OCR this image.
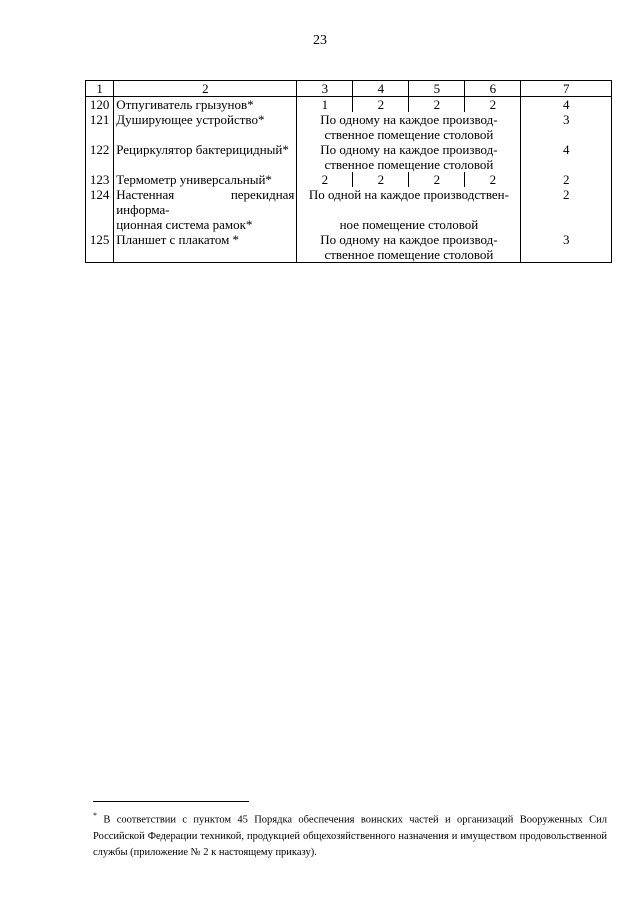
23
1	2	3	4	5	6	7
120	Отпугиватель грызунов*	1	2	2	2	4
121	Душирующее устройство*	По одному на каждое производ-				3
		ственное помещение столовой				
122	Рециркулятор бактерицидный*	По одному на каждое производ-				4
		ственное помещение столовой				
123	Термометр универсальный*	2	2	2	2	2
124	Настенная перекидная информа-	По одной на каждое производствен-				2
	ционная система рамок*	ное помещение столовой				
125	Планшет с плакатом *	По одному на каждое производ-				3
		ственное помещение столовой				
* В соответствии с пунктом 45 Порядка обеспечения воинских частей и организаций Вооруженных Сил Российской Федерации техникой, продукцией общехозяйственного назначения и имуществом продовольственной службы (приложение № 2 к настоящему приказу).
